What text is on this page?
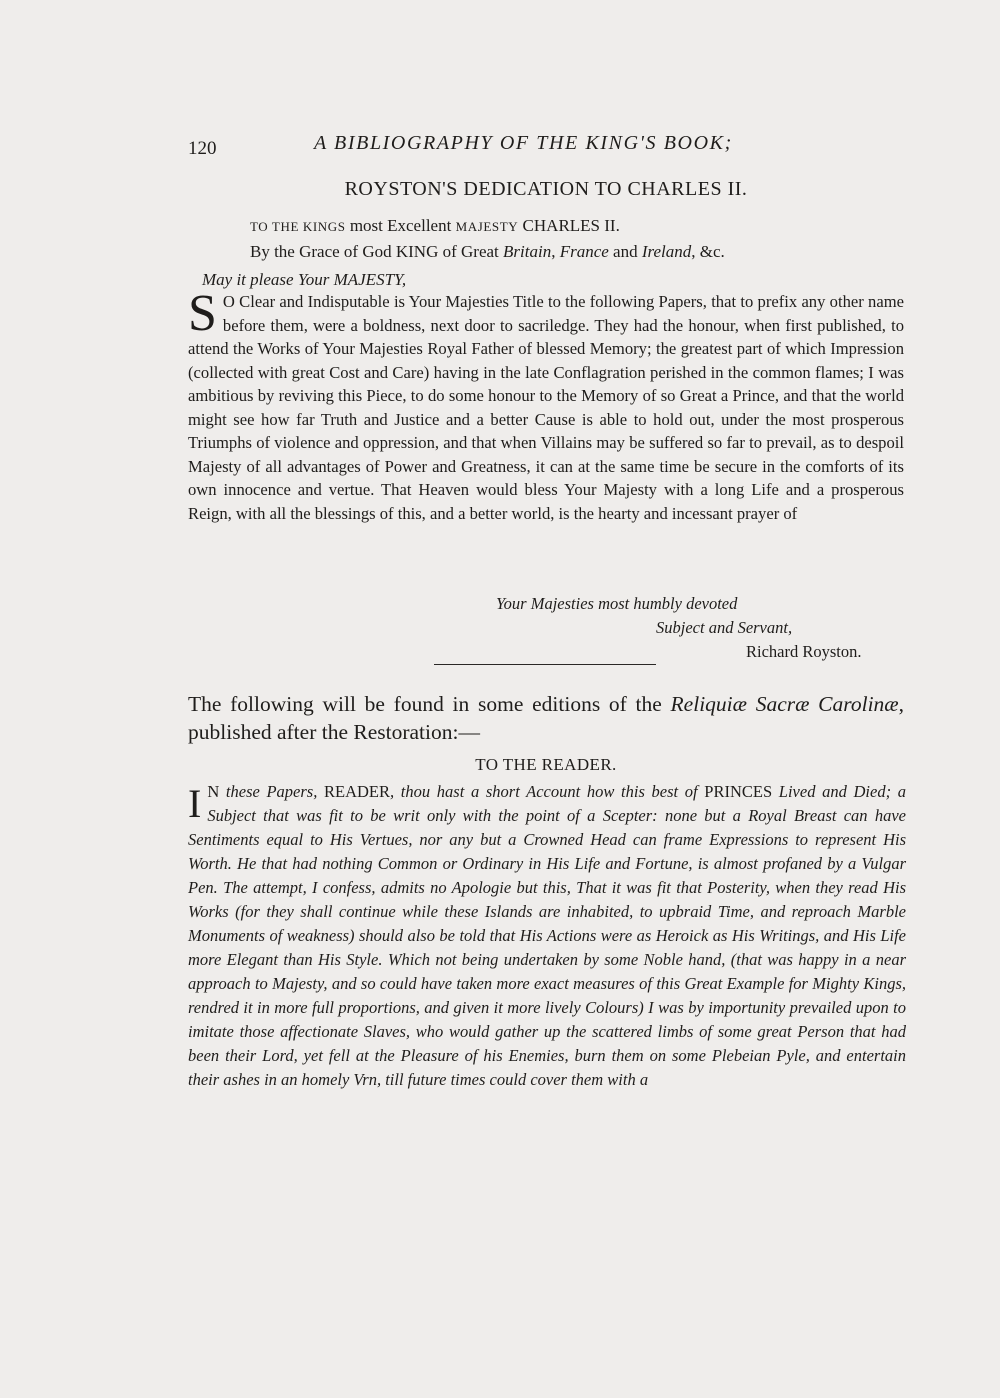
120	A BIBLIOGRAPHY OF THE KING'S BOOK;
ROYSTON'S DEDICATION TO CHARLES II.
TO THE KINGS most Excellent MAJESTY CHARLES II.
By the Grace of God KING of Great Britain, France and Ireland, &c.
May it please Your MAJESTY,
S O Clear and Indisputable is Your Majesties Title to the following Papers, that to prefix any other name before them, were a boldness, next door to sacriledge. They had the honour, when first published, to attend the Works of Your Majesties Royal Father of blessed Memory; the greatest part of which Impression (collected with great Cost and Care) having in the late Conflagration perished in the common flames; I was ambitious by reviving this Piece, to do some honour to the Memory of so Great a Prince, and that the world might see how far Truth and Justice and a better Cause is able to hold out, under the most prosperous Triumphs of violence and oppression, and that when Villains may be suffered so far to prevail, as to despoil Majesty of all advantages of Power and Greatness, it can at the same time be secure in the comforts of its own innocence and vertue. That Heaven would bless Your Majesty with a long Life and a prosperous Reign, with all the blessings of this, and a better world, is the hearty and incessant prayer of
Your Majesties most humbly devoted
Subject and Servant,
Richard Royston.
The following will be found in some editions of the Reliquiæ Sacræ Carolinæ, published after the Restoration:—
TO THE READER.
I N these Papers, READER, thou hast a short Account how this best of PRINCES Lived and Died; a Subject that was fit to be writ only with the point of a Scepter: none but a Royal Breast can have Sentiments equal to His Vertues, nor any but a Crowned Head can frame Expressions to represent His Worth. He that had nothing Common or Ordinary in His Life and Fortune, is almost profaned by a Vulgar Pen. The attempt, I confess, admits no Apologie but this, That it was fit that Posterity, when they read His Works (for they shall continue while these Islands are inhabited, to upbraid Time, and reproach Marble Monuments of weakness) should also be told that His Actions were as Heroick as His Writings, and His Life more Elegant than His Style. Which not being undertaken by some Noble hand, (that was happy in a near approach to Majesty, and so could have taken more exact measures of this Great Example for Mighty Kings, rendred it in more full proportions, and given it more lively Colours) I was by importunity prevailed upon to imitate those affectionate Slaves, who would gather up the scattered limbs of some great Person that had been their Lord, yet fell at the Pleasure of his Enemies, burn them on some Plebeian Pyle, and entertain their ashes in an homely Vrn, till future times could cover them with a
